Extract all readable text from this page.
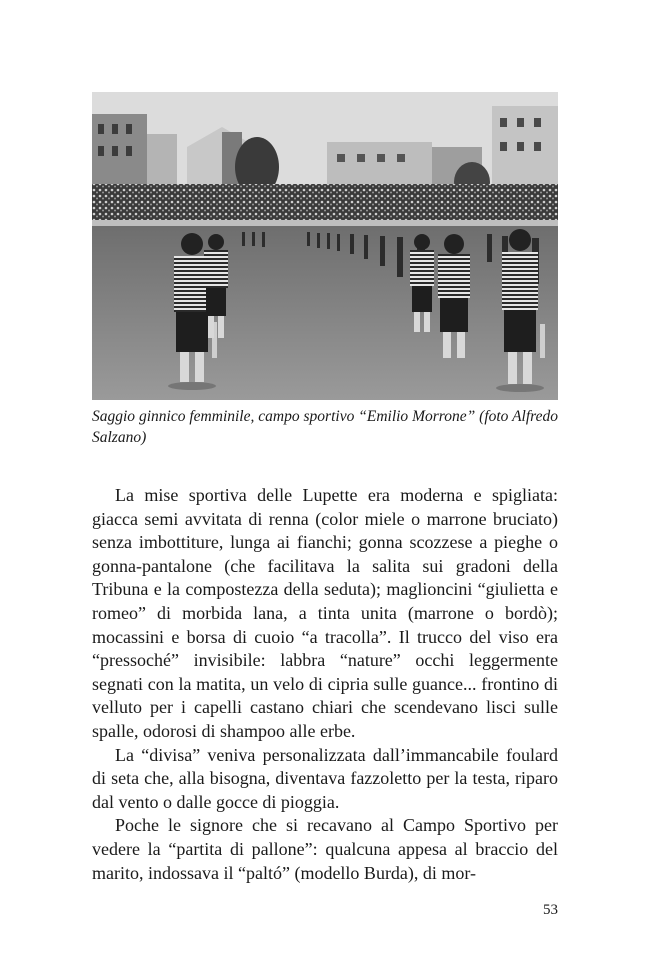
Saggio ginnico femminile, campo sportivo “Emilio Morrone” (foto Alfredo Salzano)

La mise sportiva delle Lupette era moderna e spigliata: giacca semi avvitata di renna (color miele o marrone bruciato) senza imbottiture, lunga ai fianchi; gonna scozzese a pieghe o gonna-pantalone (che facilitava la salita sui gradoni della Tribuna e la compostezza della seduta); maglioncini “giulietta e romeo” di morbida lana, a tinta unita (marrone o bordò); mocassini e borsa di cuoio “a tracolla”. Il trucco del viso era “pressoché” invisibile: labbra “nature” occhi leggermente segnati con la matita, un velo di cipria sulle guance... frontino di velluto per i capelli castano chiari che scendevano lisci sulle spalle, odorosi di shampoo alle erbe.

La “divisa” veniva personalizzata dall’immancabile foulard di seta che, alla bisogna, diventava fazzoletto per la testa, riparo dal vento o dalle gocce di pioggia.

Poche le signore che si recavano al Campo Sportivo per vedere la “partita di pallone”: qualcuna appesa al braccio del marito, indossava il “paltó” (modello Burda), di mor-

53
